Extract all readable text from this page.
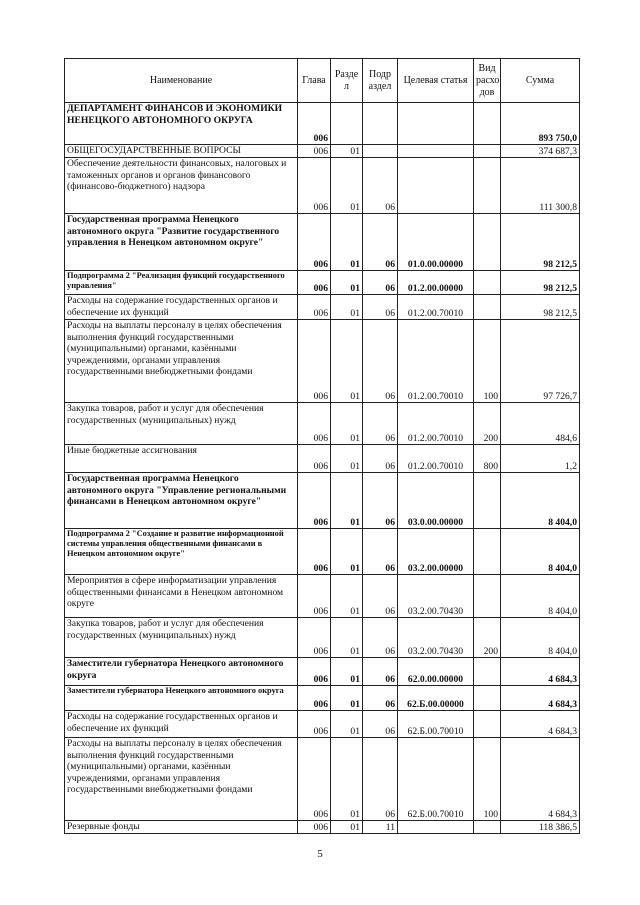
Наименование	Глава	Разде л	Подр аздел	Целевая статья	Вид расхо дов	Сумма
ДЕПАРТАМЕНТ ФИНАНСОВ И ЭКОНОМИКИ НЕНЕЦКОГО АВТОНОМНОГО ОКРУГА	006					893 750,0
ОБЩЕГОСУДАРСТВЕННЫЕ ВОПРОСЫ	006	01				374 687,3
Обеспечение деятельности финансовых, налоговых и таможенных органов и органов финансового (финансово-бюджетного) надзора	006	01	06			111 300,8
Государственная программа Ненецкого автономного округа "Развитие государственного управления в Ненецком автономном округе"	006	01	06	01.0.00.00000		98 212,5
Подпрограмма 2 "Реализация функций государственного управления"	006	01	06	01.2.00.00000		98 212,5
Расходы на содержание государственных органов и обеспечение их функций	006	01	06	01.2.00.70010		98 212,5
Расходы на выплаты персоналу в целях обеспечения выполнения функций государственными (муниципальными) органами, казёнными учреждениями, органами управления государственными внебюджетными фондами	006	01	06	01.2.00.70010	100	97 726,7
Закупка товаров, работ и услуг для обеспечения государственных (муниципальных) нужд	006	01	06	01.2.00.70010	200	484,6
Иные бюджетные ассигнования	006	01	06	01.2.00.70010	800	1,2
Государственная программа Ненецкого автономного округа "Управление региональными финансами в Ненецком автономном округе"	006	01	06	03.0.00.00000		8 404,0
Подпрограмма 2 "Создание и развитие информационной системы управления общественными финансами в Ненецком автономном округе"	006	01	06	03.2.00.00000		8 404,0
Мероприятия в сфере информатизации управления общественными финансами в Ненецком автономном округе	006	01	06	03.2.00.70430		8 404,0
Закупка товаров, работ и услуг для обеспечения государственных (муниципальных) нужд	006	01	06	03.2.00.70430	200	8 404,0
Заместители губернатора Ненецкого автономного округа	006	01	06	62.0.00.00000		4 684,3
Заместители губернатора Ненецкого автономного округа	006	01	06	62.Б.00.00000		4 684,3
Расходы на содержание государственных органов и обеспечение их функций	006	01	06	62.Б.00.70010		4 684,3
Расходы на выплаты персоналу в целях обеспечения выполнения функций государственными (муниципальными) органами, казённыи учреждениями, органами управления государственными внебюджетными фондами	006	01	06	62.Б.00.70010	100	4 684,3
Резервные фонды	006	01	11			118 386,5
5
